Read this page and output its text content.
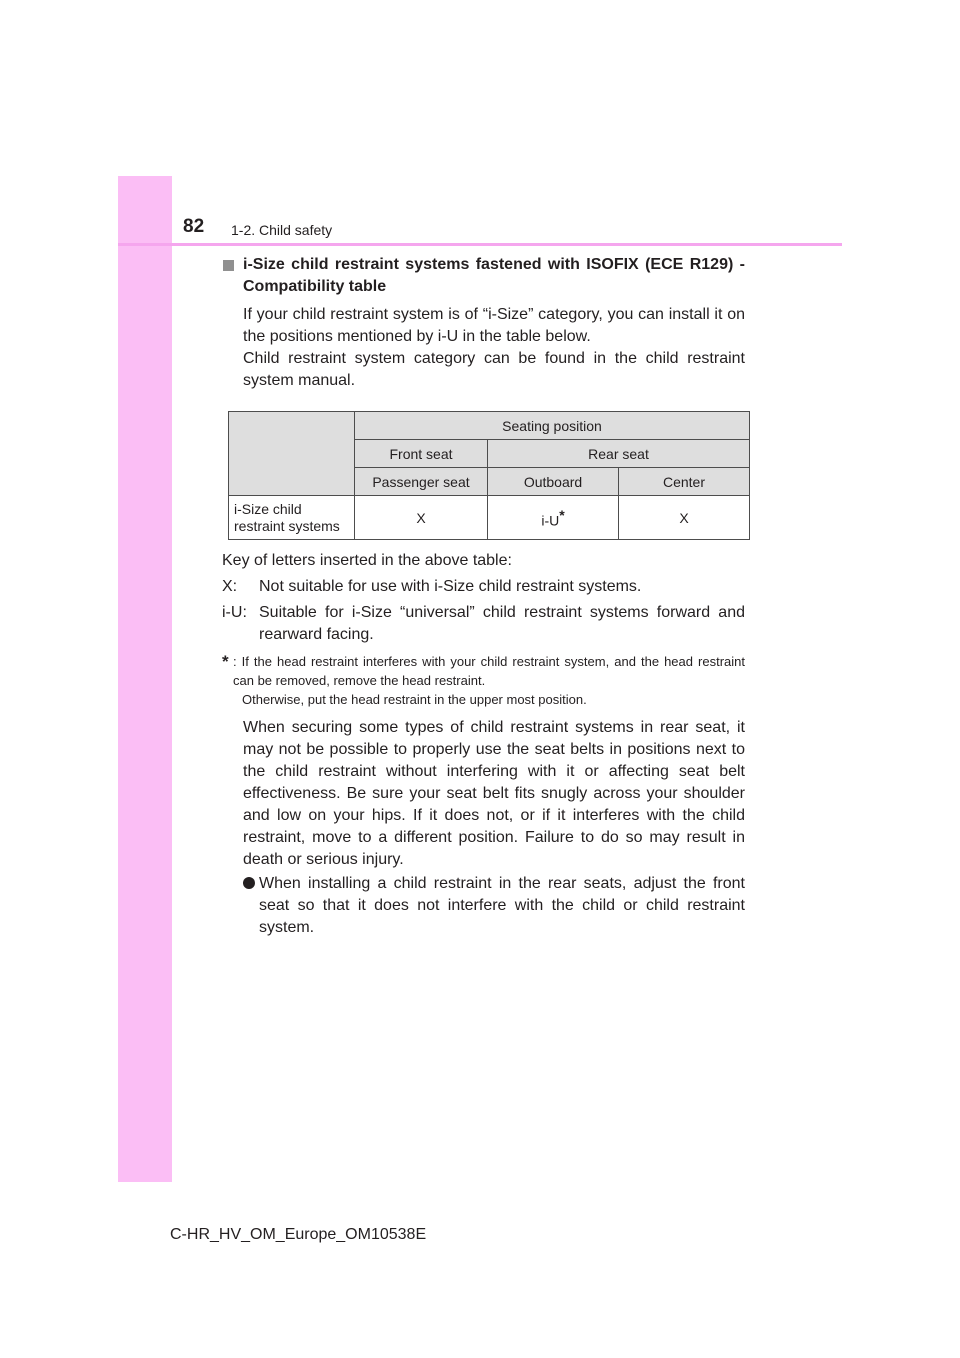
82 1-2. Child safety
i-Size child restraint systems fastened with ISOFIX (ECE R129) - Compatibility table

If your child restraint system is of “i-Size” category, you can install it on the positions mentioned by i-U in the table below.

Child restraint system category can be found in the child restraint system manual.

	Seating position		
	Front seat	Rear seat	
	Passenger seat	Outboard	Center
i-Size child restraint systems	X	i-U*	X
Key of letters inserted in the above table:
X:	Not suitable for use with i-Size child restraint systems.
i-U: Suitable for i-Size “universal” child restraint systems forward and rearward facing.
* : If the head restraint interferes with your child restraint system, and the head restraint can be removed, remove the head restraint.
Otherwise, put the head restraint in the upper most position.
When securing some types of child restraint systems in rear seat, it may not be possible to properly use the seat belts in positions next to the child restraint without interfering with it or affecting seat belt effectiveness. Be sure your seat belt fits snugly across your shoulder and low on your hips. If it does not, or if it interferes with the child restraint, move to a different position. Failure to do so may result in death or serious injury.
When installing a child restraint in the rear seats, adjust the front seat so that it does not interfere with the child or child restraint system.
C-HR_HV_OM_Europe_OM10538E
